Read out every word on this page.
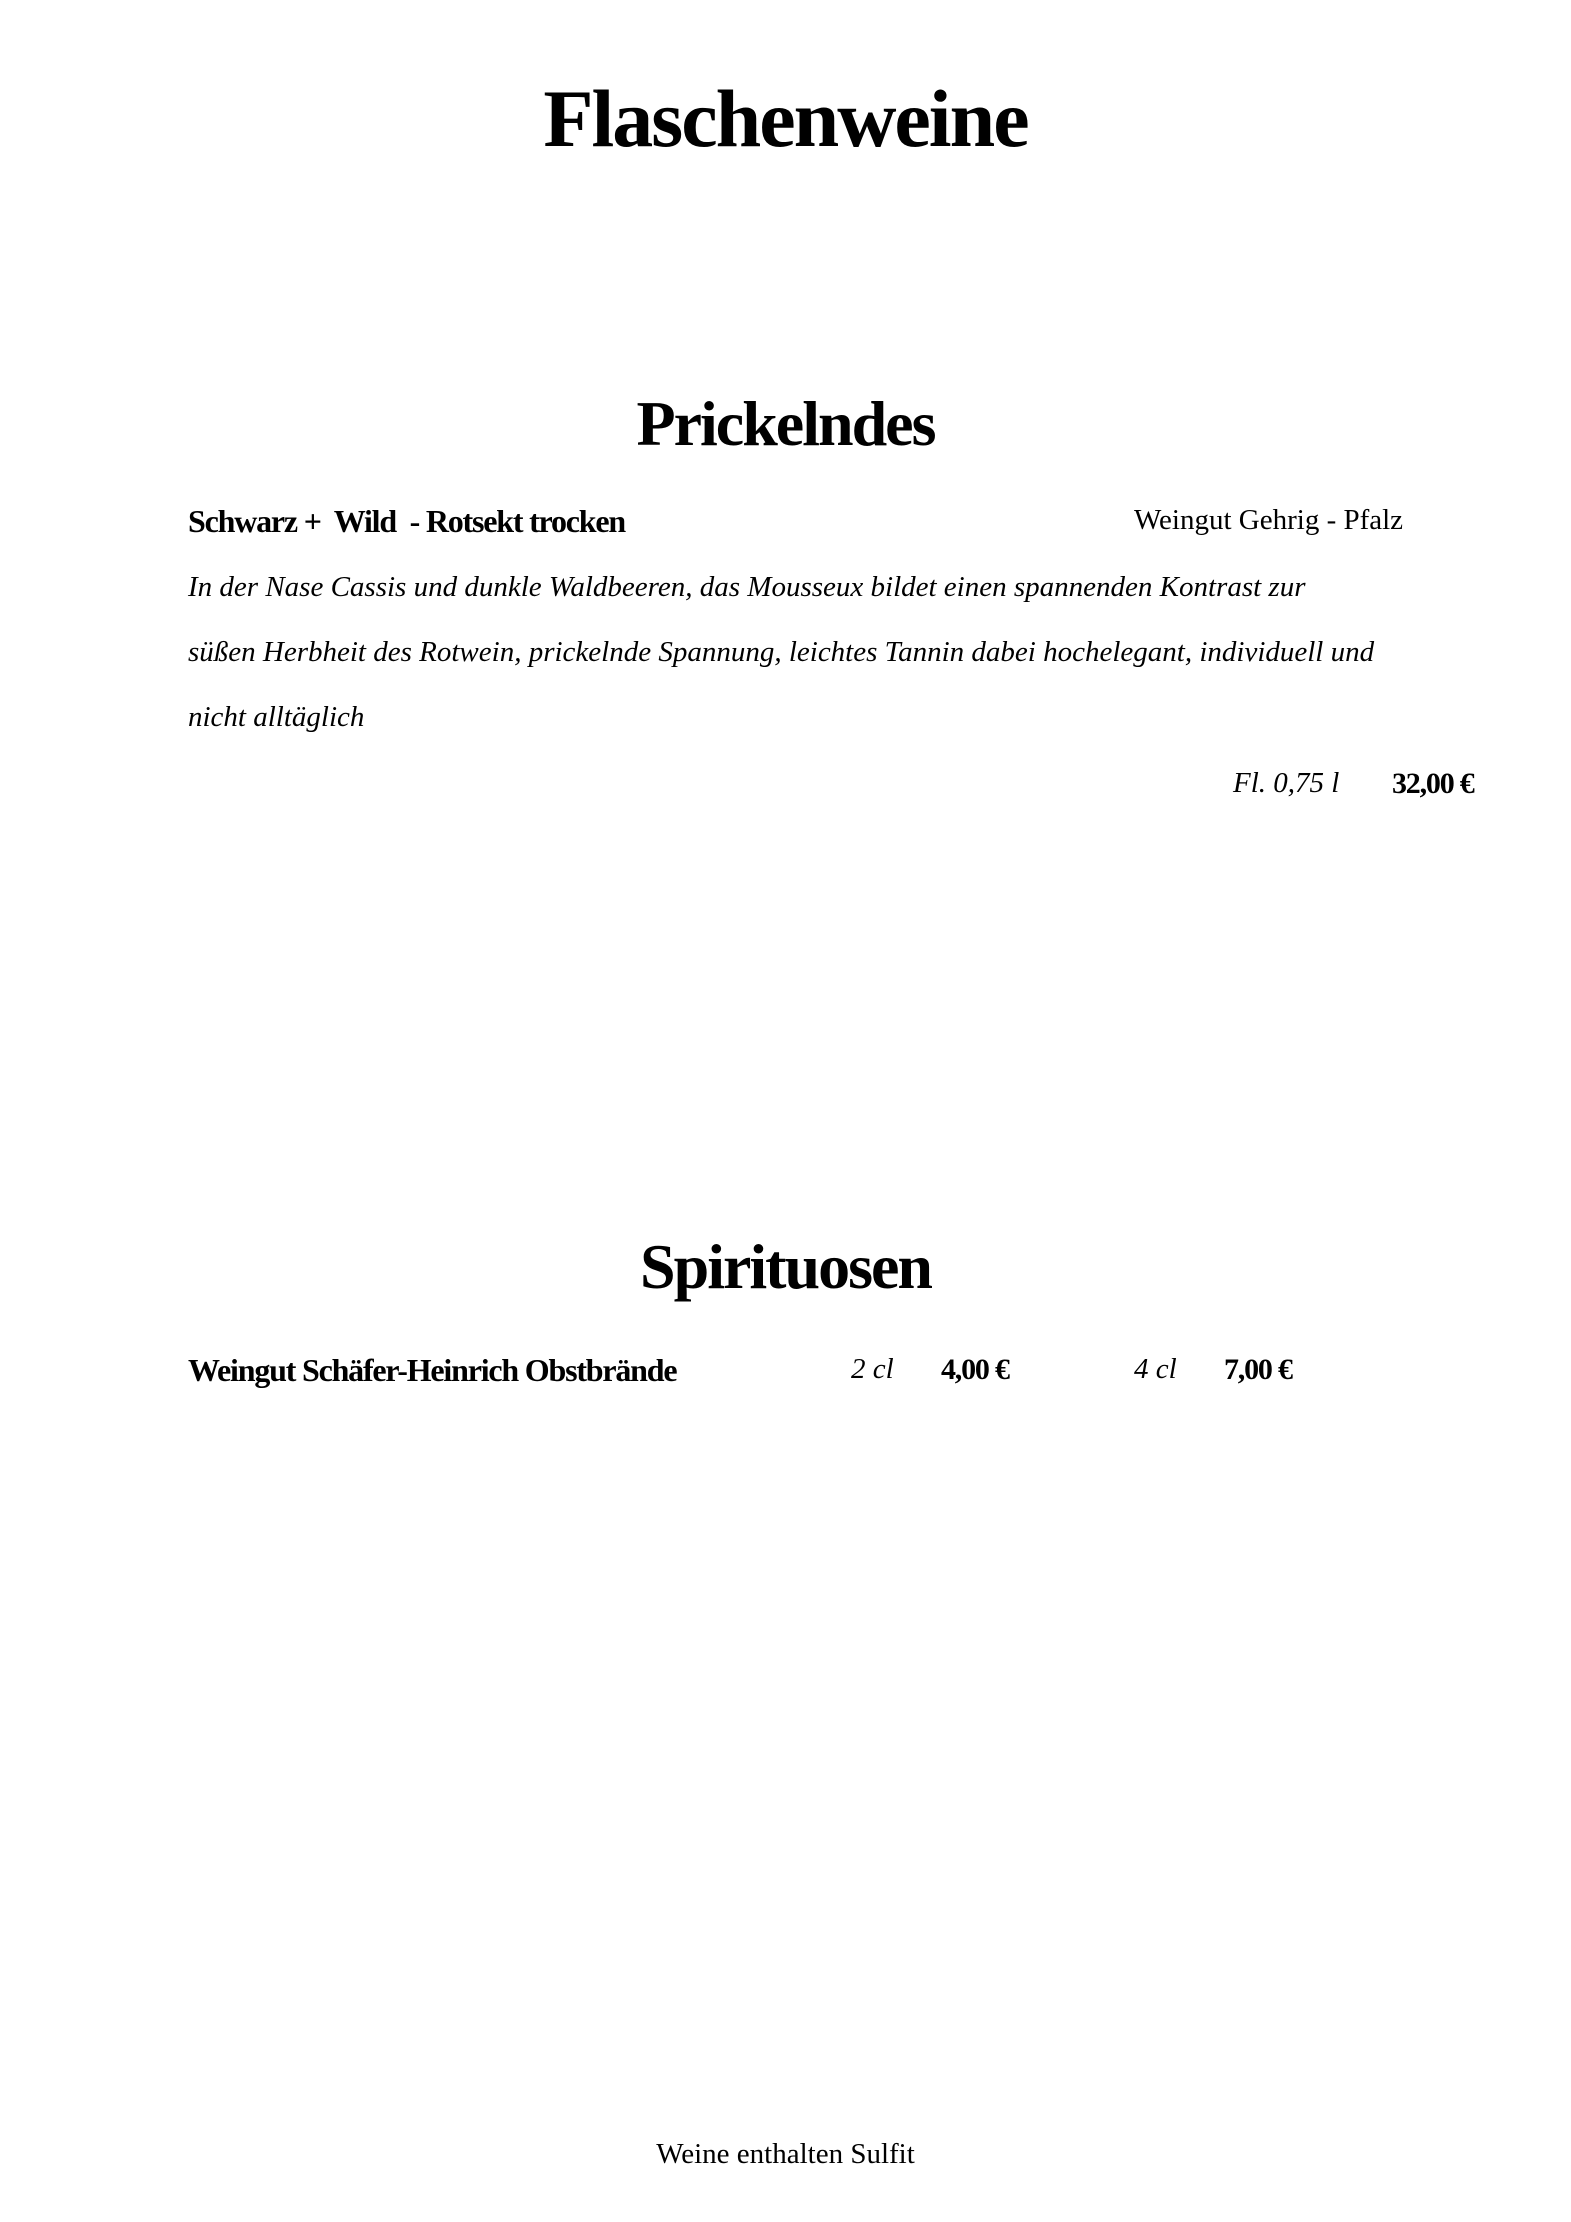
Flaschenweine
Prickelndes
Schwarz +  Wild  - Rotsekt trocken	Weingut Gehrig - Pfalz
In der Nase Cassis und dunkle Waldbeeren, das Mousseux bildet einen spannenden Kontrast zur
süßen Herbheit des Rotwein, prickelnde Spannung, leichtes Tannin dabei hochelegant, individuell und
nicht alltäglich
Fl. 0,75 l 32,00 €
Spirituosen
Weingut Schäfer-Heinrich Obstbrände	2 cl 4,00 €	4 cl 7,00 €
Weine enthalten Sulfit
